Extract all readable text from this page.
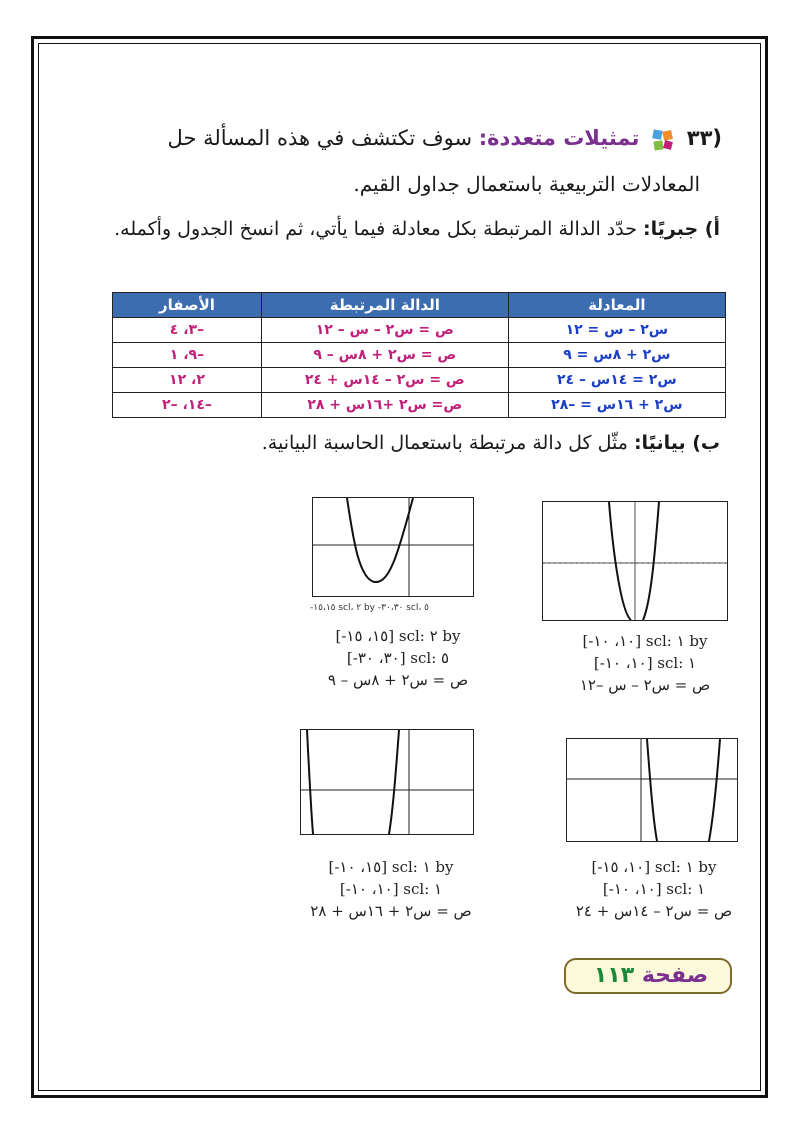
(٣٣  تمثيلات متعددة: سوف تكتشف في هذه المسألة حل
المعادلات التربيعية باستعمال جداول القيم.
أ) جبريًا: حدّد الدالة المرتبطة بكل معادلة فيما يأتي، ثم انسخ الجدول وأكمله.
المعادلة	الدالة المرتبطة	الأصفار
س٢ – س = ١٢	ص = س٢ – س – ١٢	–٣، ٤
س٢ + ٨س = ٩	ص = س٢ + ٨س – ٩	–٩، ١
س٢ = ١٤س – ٢٤	ص = س٢ – ١٤س + ٢٤	٢، ١٢
س٢ + ١٦س = –٢٨	ص= س٢ +١٦س + ٢٨	–١٤، –٢
ب) بيانيًا: مثّل كل دالة مرتبطة باستعمال الحاسبة البيانية.
[-١٠، ١٠] scl: ١ by
[-١٠، ١٠] scl: ١
ص = س٢ – س –١٢
-١٥،١٥ scl، ٢ by -٣٠،٣٠ scl، ٥
[-١٥، ١٥] scl: ٢ by
[-٣٠، ٣٠] scl: ٥
ص = س٢ + ٨س – ٩
[-١٠، ١٥] scl: ١ by
[-١٠، ١٠] scl: ١
ص = س٢ – ١٤س + ٢٤
[-١٥، ١٠] scl: ١ by
[-١٠، ١٠] scl: ١
ص = س٢ + ١٦س + ٢٨
صفحة ١١٣
